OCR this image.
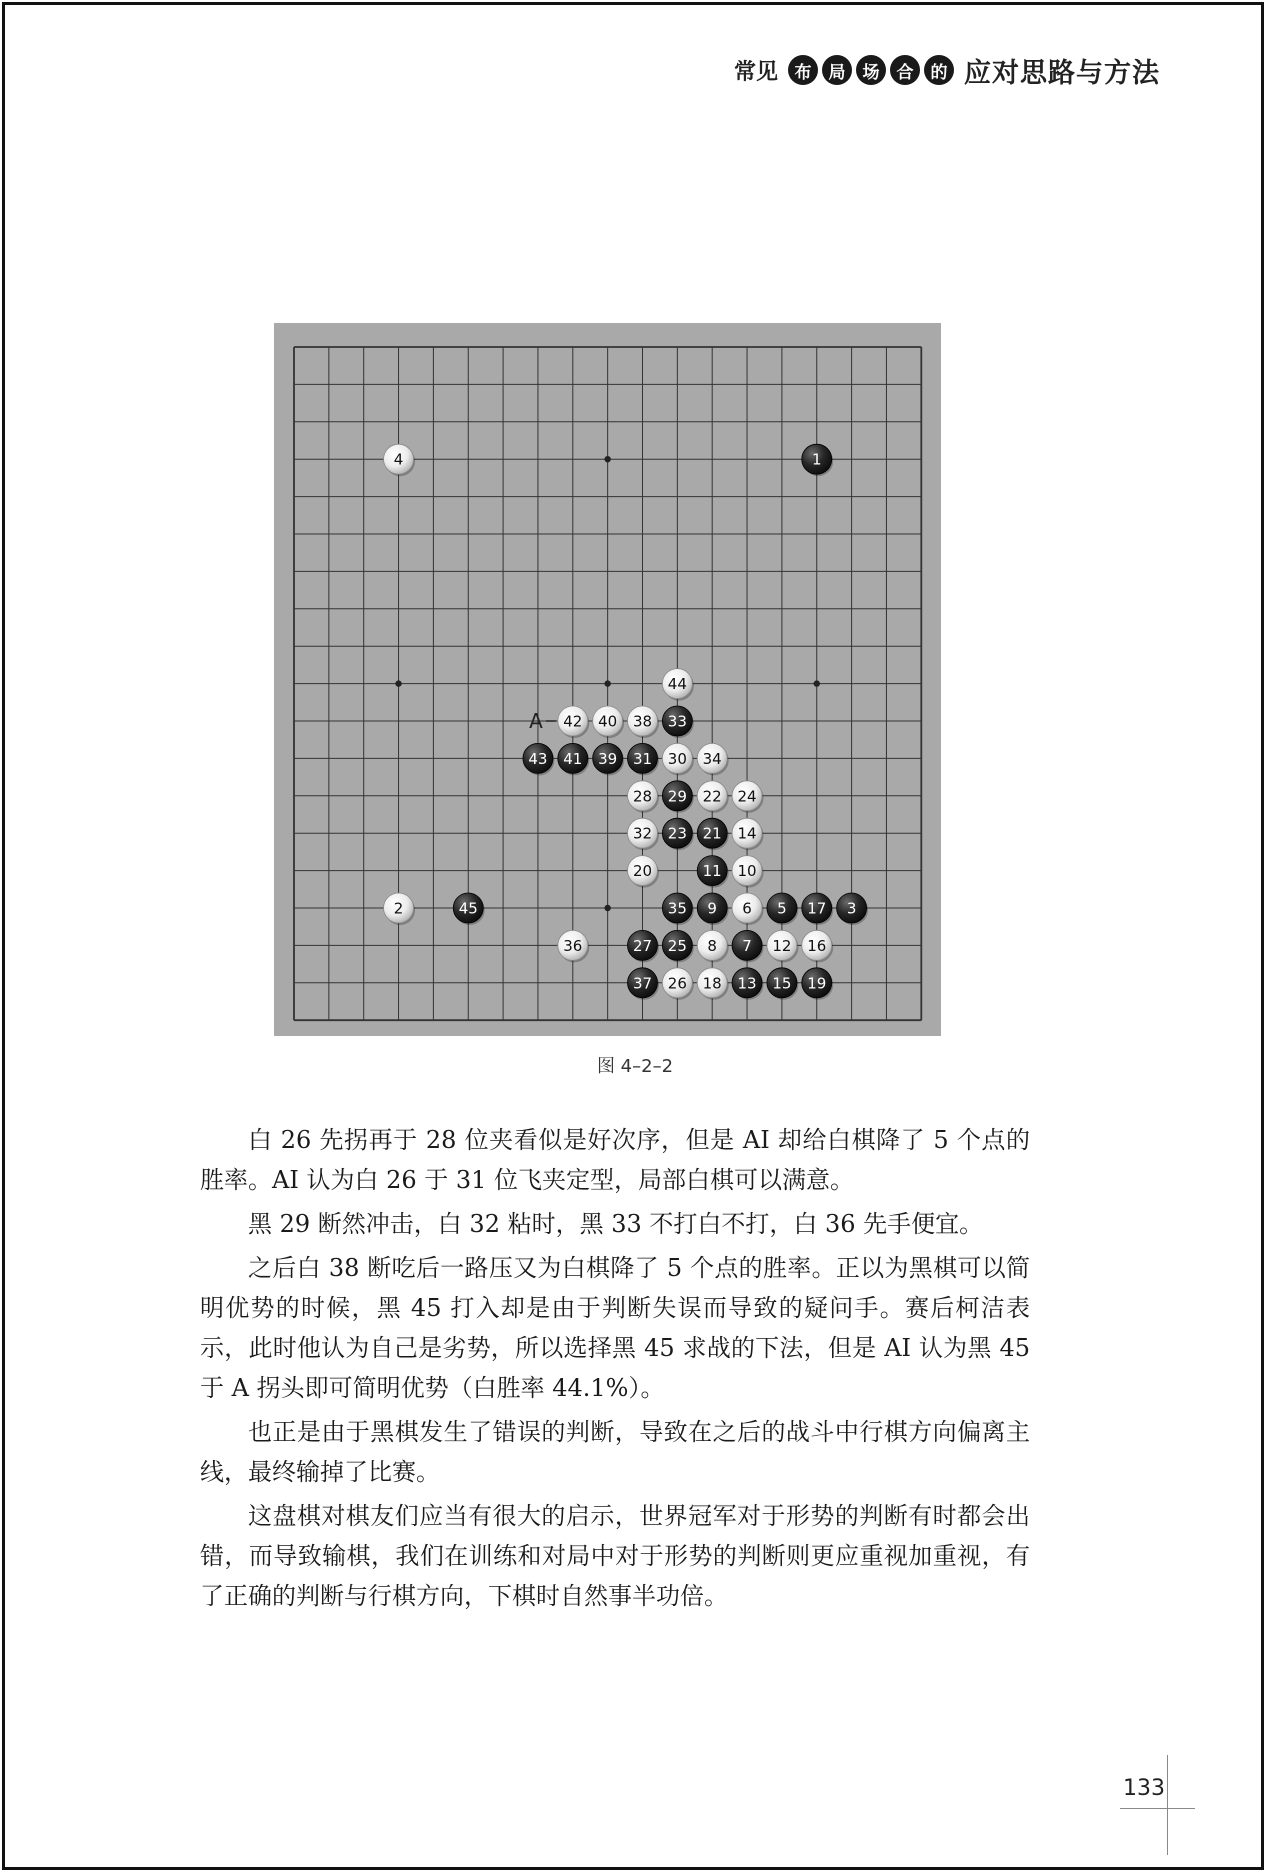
常见 布	局	场	合	的 应对思路与方法
A
1
2	3
4
5
6
7
8
9
10
11
12
13
14
15
16
17
18	19
20
21
22
23
24
25
26
27
28 29
30
31
32
33
34
35
36
37
38
39
40
41
42
43
44
45
图 4–2–2

白 26 先拐再于 28 位夹看似是好次序，但是 AI 却给白棋降了 5 个点的胜率。AI 认为白 26 于 31 位飞夹定型，局部白棋可以满意。

黑 29 断然冲击，白 32 粘时，黑 33 不打白不打，白 36 先手便宜。

之后白 38 断吃后一路压又为白棋降了 5 个点的胜率。正以为黑棋可以简明优势的时候，黑 45 打入却是由于判断失误而导致的疑问手。赛后柯洁表示，此时他认为自己是劣势，所以选择黑 45 求战的下法，但是 AI 认为黑 45 于 A 拐头即可简明优势（白胜率 44.1%）。

也正是由于黑棋发生了错误的判断，导致在之后的战斗中行棋方向偏离主线，最终输掉了比赛。

这盘棋对棋友们应当有很大的启示，世界冠军对于形势的判断有时都会出错，而导致输棋，我们在训练和对局中对于形势的判断则更应重视加重视，有了正确的判断与行棋方向，下棋时自然事半功倍。

133
